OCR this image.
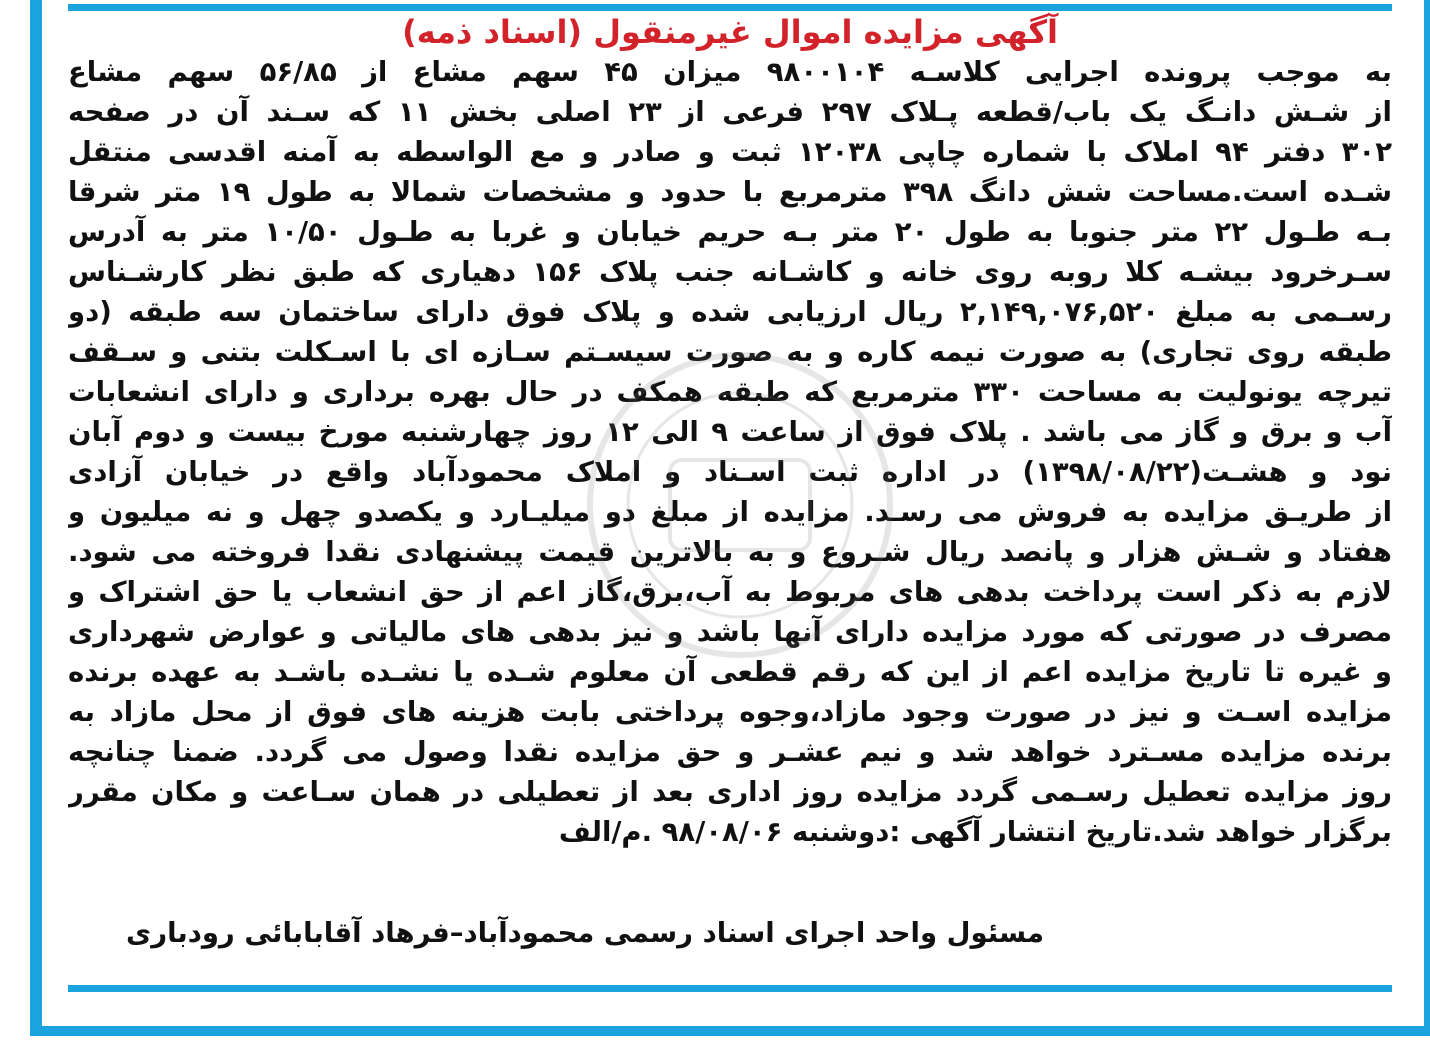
آگهی مزایده اموال غیرمنقول (اسناد ذمه)
به موجب پرونده اجرایی کلاسـه ۹۸۰۰۱۰۴ میزان ۴۵ سهم مشاع از ۵۶/۸۵ سهم مشاع
از شـش دانـگ یک باب/قطعه پـلاک ۲۹۷ فرعی از ۲۳ اصلی بخش ۱۱ که سـند آن در صفحه
۳۰۲ دفتر ۹۴ املاک با شماره چاپی ۱۲۰۳۸ ثبت و صادر و مع الواسطه به آمنه اقدسی منتقل
شـده است.مساحت شش دانگ ۳۹۸ مترمربع با حدود و مشخصات شمالا به طول ۱۹ متر شرقا
بـه طـول ۲۲ متر جنوبا به طول ۲۰ متر بـه حریم خیابان و غربا به طـول ۱۰/۵۰ متر به آدرس
سـرخرود بیشـه کلا روبه روی خانه و کاشـانه جنب پلاک ۱۵۶ دهیاری که طبق نظر کارشـناس
رسـمی به مبلغ ۲,۱۴۹,۰۷۶,۵۲۰ ریال ارزیابی شده و پلاک فوق دارای ساختمان سه طبقه (دو
طبقه روی تجاری) به صورت نیمه کاره و به صورت سیسـتم سـازه ای با اسـکلت بتنی و سـقف
تیرچه یونولیت به مساحت ۳۳۰ مترمربع که طبقه همکف در حال بهره برداری و دارای انشعابات
آب و برق و گاز می باشد . پلاک فوق از ساعت ۹ الی ۱۲ روز چهارشنبه مورخ بیست و دوم آبان
نود و هشـت(۱۳۹۸/۰۸/۲۲) در اداره ثبت اسـناد و املاک محمودآباد واقع در خیابان آزادی
از طریـق مزایده به فروش می رسـد. مزایده از مبلغ دو میلیـارد و یکصدو چهل و نه میلیون و
هفتاد و شـش هزار و پانصد ریال شـروع و به بالاترین قیمت پیشنهادی نقدا فروخته می شود.
لازم به ذکر است پرداخت بدهی های مربوط به آب،برق،گاز اعم از حق انشعاب یا حق اشتراک و
مصرف در صورتی که مورد مزایده دارای آنها باشد و نیز بدهی های مالیاتی و عوارض شهرداری
و غیره تا تاریخ مزایده اعم از این که رقم قطعی آن معلوم شـده یا نشـده باشـد به عهده برنده
مزایده اسـت و نیز در صورت وجود مازاد،وجوه پرداختی بابت هزینه های فوق از محل مازاد به
برنده مزایده مسـترد خواهد شد و نیم عشـر و حق مزایده نقدا وصول می گردد. ضمنا چنانچه
روز مزایده تعطیل رسـمی گردد مزایده روز اداری بعد از تعطیلی در همان سـاعت و مکان مقرر
برگزار خواهد شد.تاریخ انتشار آگهی :دوشنبه ۹۸/۰۸/۰۶ .م/الف
مسئول واحد اجرای اسناد رسمی محمودآباد–فرهاد آقابابائی رودباری
